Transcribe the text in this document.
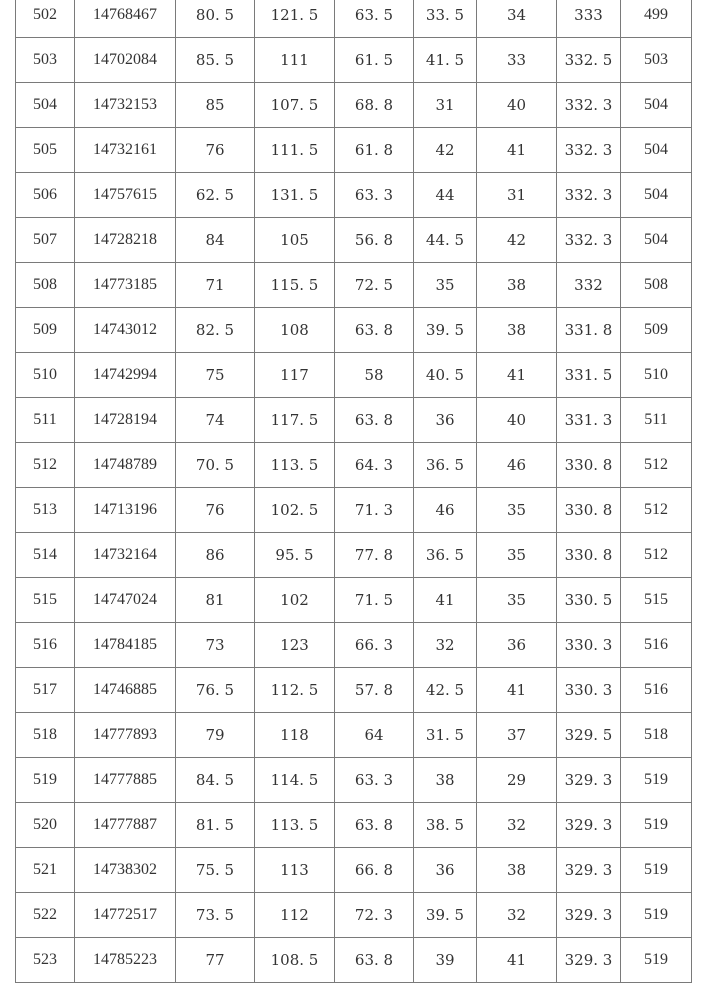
502	14768467	80. 5	121. 5	63. 5	33. 5	34	333	499
503	14702084	85. 5	111	61. 5	41. 5	33	332. 5	503
504	14732153	85	107. 5	68. 8	31	40	332. 3	504
505	14732161	76	111. 5	61. 8	42	41	332. 3	504
506	14757615	62. 5	131. 5	63. 3	44	31	332. 3	504
507	14728218	84	105	56. 8	44. 5	42	332. 3	504
508	14773185	71	115. 5	72. 5	35	38	332	508
509	14743012	82. 5	108	63. 8	39. 5	38	331. 8	509
510	14742994	75	117	58	40. 5	41	331. 5	510
511	14728194	74	117. 5	63. 8	36	40	331. 3	511
512	14748789	70. 5	113. 5	64. 3	36. 5	46	330. 8	512
513	14713196	76	102. 5	71. 3	46	35	330. 8	512
514	14732164	86	95. 5	77. 8	36. 5	35	330. 8	512
515	14747024	81	102	71. 5	41	35	330. 5	515
516	14784185	73	123	66. 3	32	36	330. 3	516
517	14746885	76. 5	112. 5	57. 8	42. 5	41	330. 3	516
518	14777893	79	118	64	31. 5	37	329. 5	518
519	14777885	84. 5	114. 5	63. 3	38	29	329. 3	519
520	14777887	81. 5	113. 5	63. 8	38. 5	32	329. 3	519
521	14738302	75. 5	113	66. 8	36	38	329. 3	519
522	14772517	73. 5	112	72. 3	39. 5	32	329. 3	519
523	14785223	77	108. 5	63. 8	39	41	329. 3	519
